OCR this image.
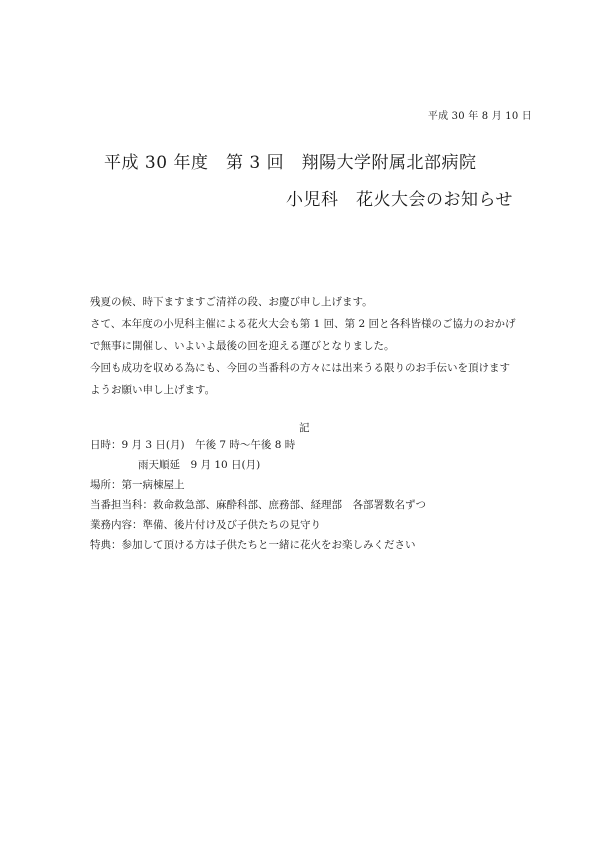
平成 30 年 8 月 10 日
平成 30 年度　第 3 回　翔陽大学附属北部病院
小児科　花火大会のお知らせ

残夏の候、時下ますますご清祥の段、お慶び申し上げます。

さて、本年度の小児科主催による花火大会も第 1 回、第 2 回と各科皆様のご協力のおかげ

で無事に開催し、いよいよ最後の回を迎える運びとなりました。

今回も成功を収める為にも、今回の当番科の方々には出来うる限りのお手伝いを頂けます

ようお願い申し上げます。

記

日時：9 月 3 日(月)　午後 7 時～午後 8 時

雨天順延　9 月 10 日(月)

場所：第一病棟屋上

当番担当科：救命救急部、麻酔科部、庶務部、経理部　各部署数名ずつ

業務内容：準備、後片付け及び子供たちの見守り

特典：参加して頂ける方は子供たちと一緒に花火をお楽しみください
